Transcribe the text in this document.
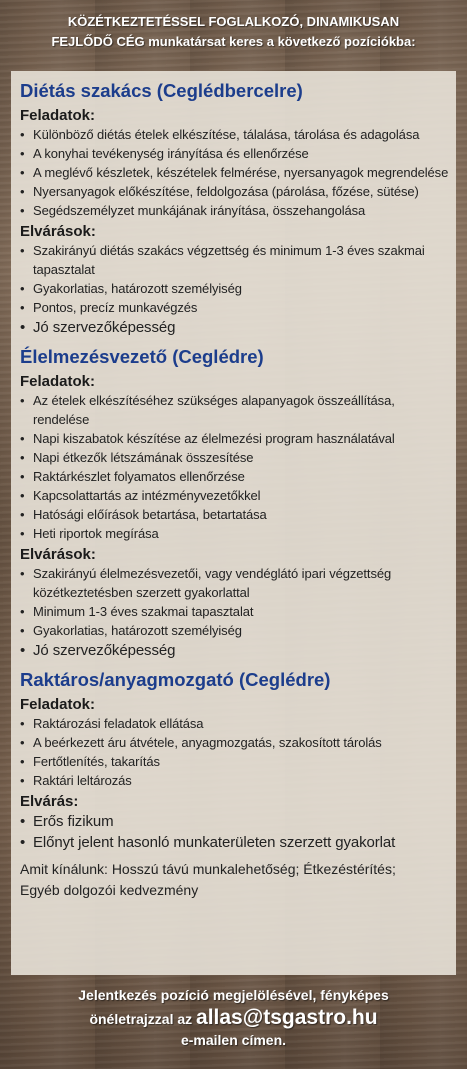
KÖZÉTKEZTETÉSSEL FOGLALKOZÓ, DINAMIKUSAN
FEJLŐDŐ CÉG munkatársat keres a következő pozíciókba:
Diétás szakács (Ceglédbercelre)
Feladatok:
• Különböző diétás ételek elkészítése, tálalása, tárolása és adagolása
• A konyhai tevékenység irányítása és ellenőrzése
• A meglévő készletek, készételek felmérése, nyersanyagok megrendelése
• Nyersanyagok előkészítése, feldolgozása (párolása, főzése, sütése)
• Segédszemélyzet munkájának irányítása, összehangolása
Elvárások:
• Szakirányú diétás szakács végzettség és minimum 1-3 éves szakmai tapasztalat
• Gyakorlatias, határozott személyiség
• Pontos, precíz munkavégzés
• Jó szervezőképesség
Élelmezésvezető (Ceglédre)
Feladatok:
• Az ételek elkészítéséhez szükséges alapanyagok összeállítása, rendelése
• Napi kiszabatok készítése az élelmezési program használatával
• Napi étkezők létszámának összesítése
• Raktárkészlet folyamatos ellenőrzése
• Kapcsolattartás az intézményvezetőkkel
• Hatósági előírások betartása, betartatása
• Heti riportok megírása
Elvárások:
• Szakirányú élelmezésvezetői, vagy vendéglátó ipari végzettség közétkeztetésben szerzett gyakorlattal
• Minimum 1-3 éves szakmai tapasztalat
• Gyakorlatias, határozott személyiség
• Jó szervezőképesség
Raktáros/anyagmozgató (Ceglédre)
Feladatok:
• Raktározási feladatok ellátása
• A beérkezett áru átvétele, anyagmozgatás, szakosított tárolás
• Fertőtlenítés, takarítás
• Raktári leltározás
Elvárás:
• Erős fizikum
• Előnyt jelent hasonló munkaterületen szerzett gyakorlat
Amit kínálunk: Hosszú távú munkalehetőség; Étkezéstérítés;
Egyéb dolgozói kedvezmény
Jelentkezés pozíció megjelölésével, fényképes
önéletrajzzal az allas@tsgastro.hu
e-mailen címen.
